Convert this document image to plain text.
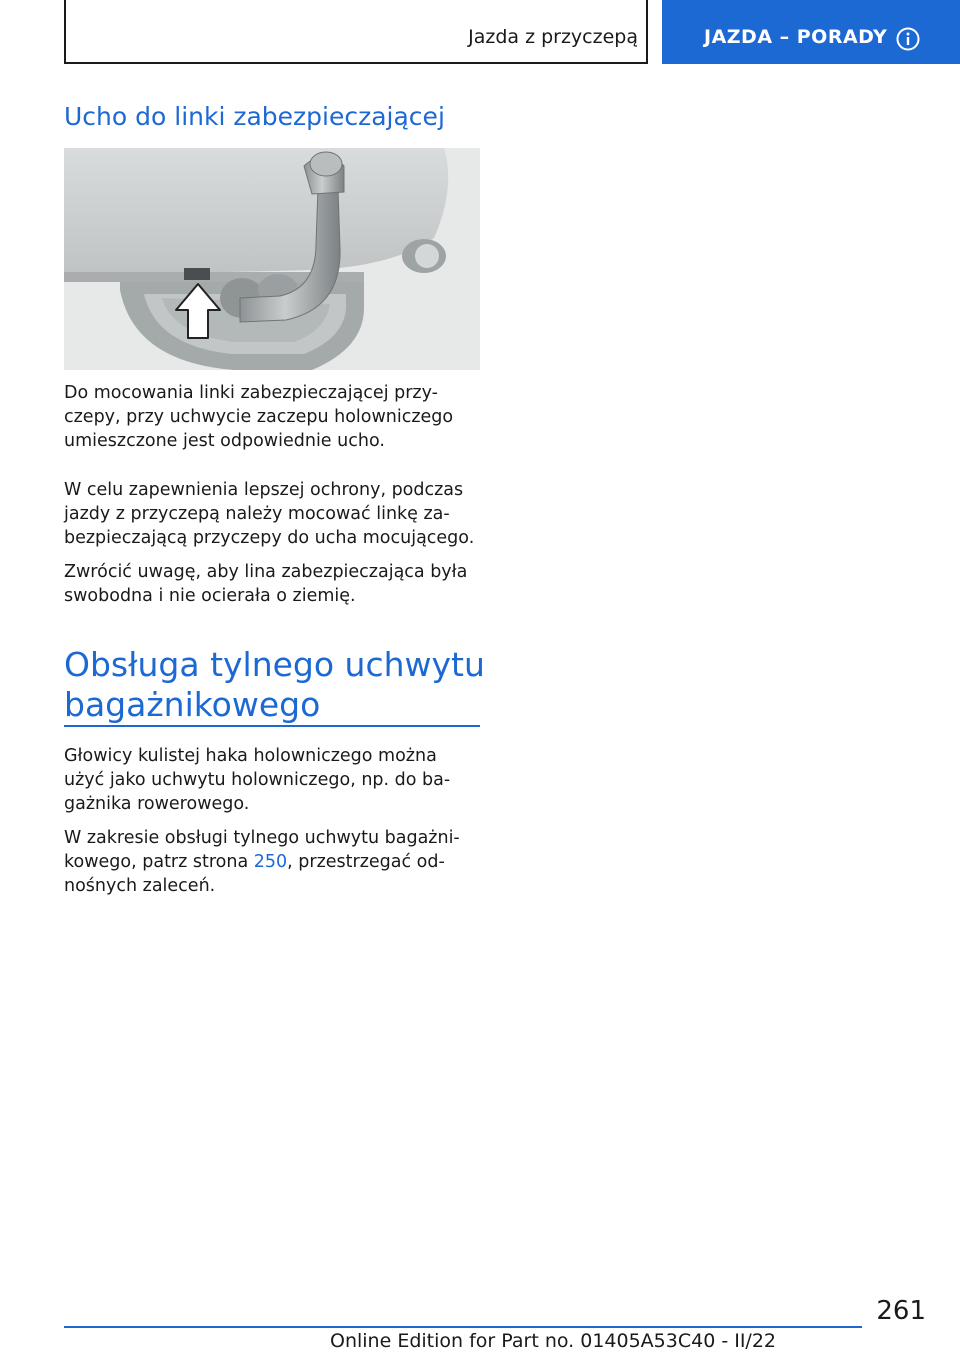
Jazda z przyczepą	JAZDA – PORADY
Ucho do linki zabezpieczającej
Do mocowania linki zabezpieczającej przy-
czepy, przy uchwycie zaczepu holowniczego
umieszczone jest odpowiednie ucho.
W celu zapewnienia lepszej ochrony, podczas
jazdy z przyczepą należy mocować linkę za-
bezpieczającą przyczepy do ucha mocującego.
Zwrócić uwagę, aby lina zabezpieczająca była
swobodna i nie ocierała o ziemię.
Obsługa tylnego uchwytu
bagażnikowego
Głowicy kulistej haka holowniczego można
użyć jako uchwytu holowniczego, np. do ba-
gażnika rowerowego.
W zakresie obsługi tylnego uchwytu bagażni-
kowego, patrz strona 250, przestrzegać od-
nośnych zaleceń.
261
Online Edition for Part no. 01405A53C40 - II/22
